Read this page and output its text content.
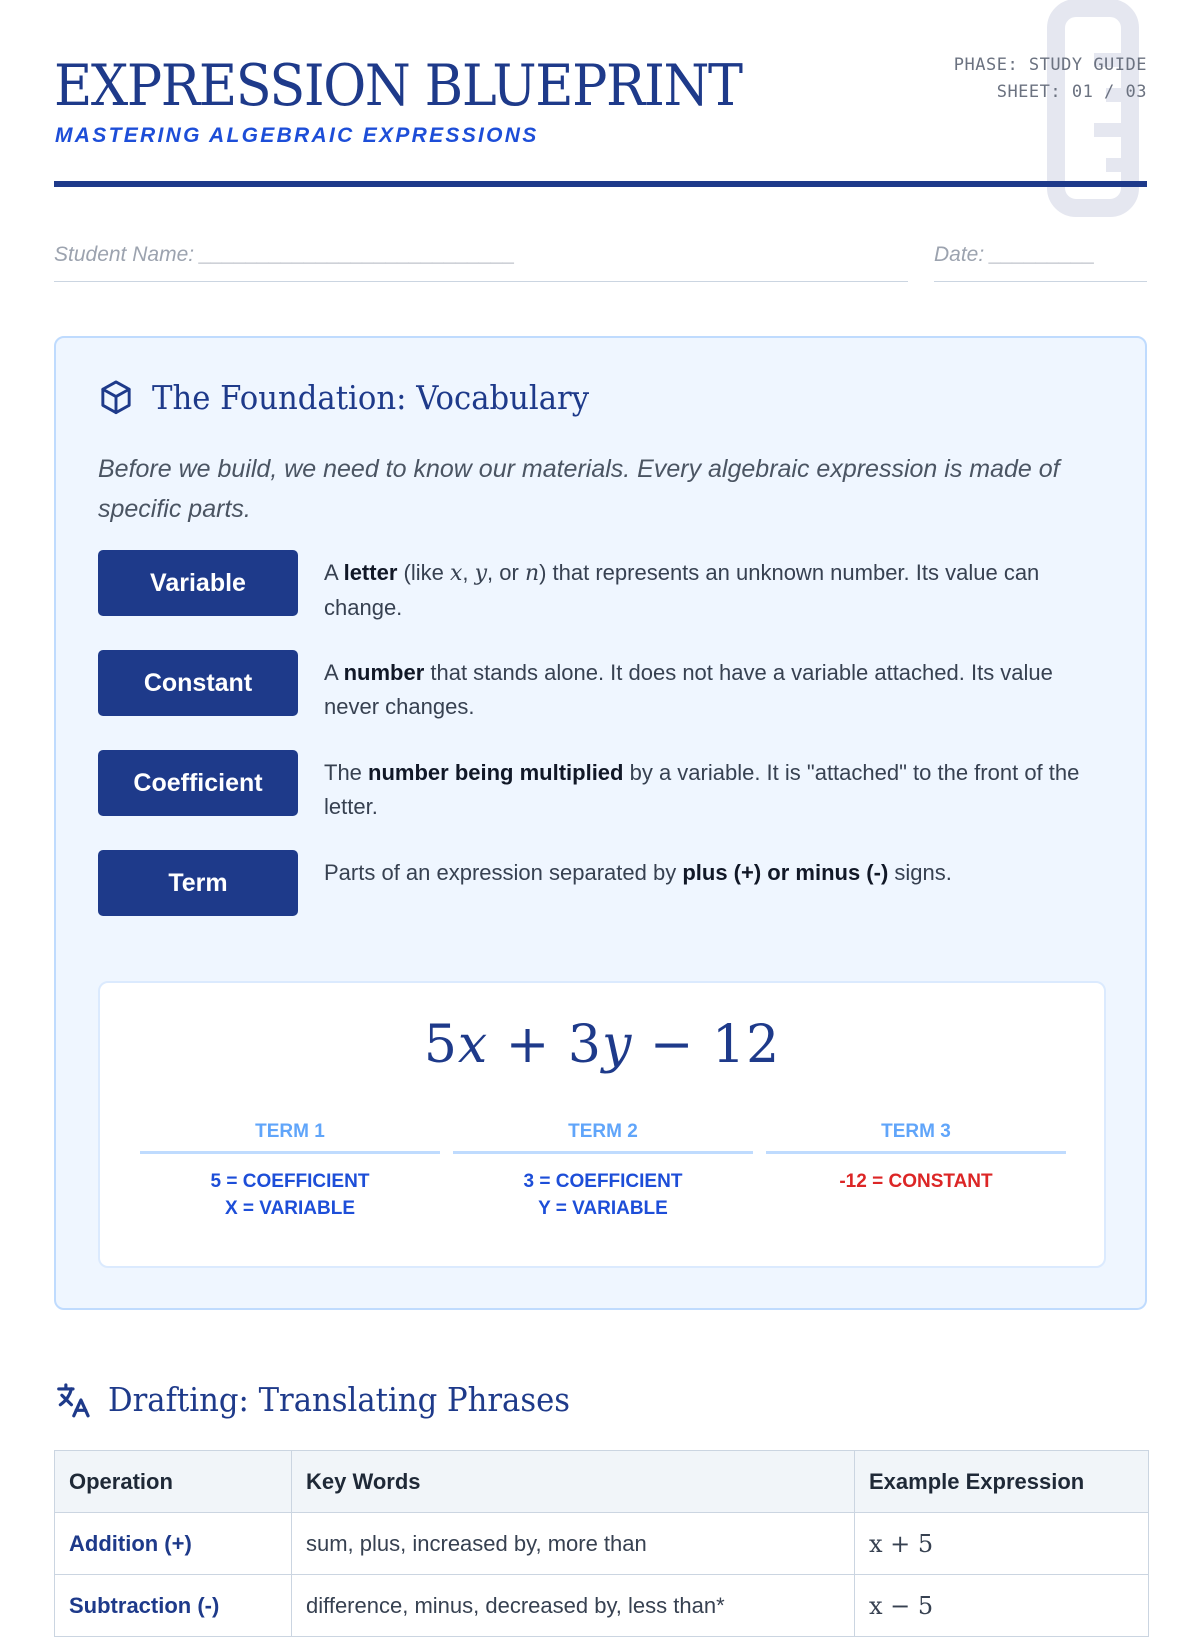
EXPRESSION BLUEPRINT
MASTERING ALGEBRAIC EXPRESSIONS
PHASE: STUDY GUIDE
SHEET: 01 / 03
Student Name: ___________________________	Date: _________
The Foundation: Vocabulary
Before we build, we need to know our materials. Every algebraic expression is made of specific parts.
Variable	A letter (like x, y, or n) that represents an unknown number. Its value can change.
Constant	A number that stands alone. It does not have a variable attached. Its value never changes.
Coefficient	The number being multiplied by a variable. It is "attached" to the front of the letter.
Term	Parts of an expression separated by plus (+) or minus (-) signs.
5x + 3y − 12
TERM 1
5 = COEFFICIENT
X = VARIABLE
TERM 2
3 = COEFFICIENT
Y = VARIABLE
TERM 3
-12 = CONSTANT
Drafting: Translating Phrases
Operation	Key Words	Example Expression
Addition (+)	sum, plus, increased by, more than	x + 5
Subtraction (-)	difference, minus, decreased by, less than*	x − 5
